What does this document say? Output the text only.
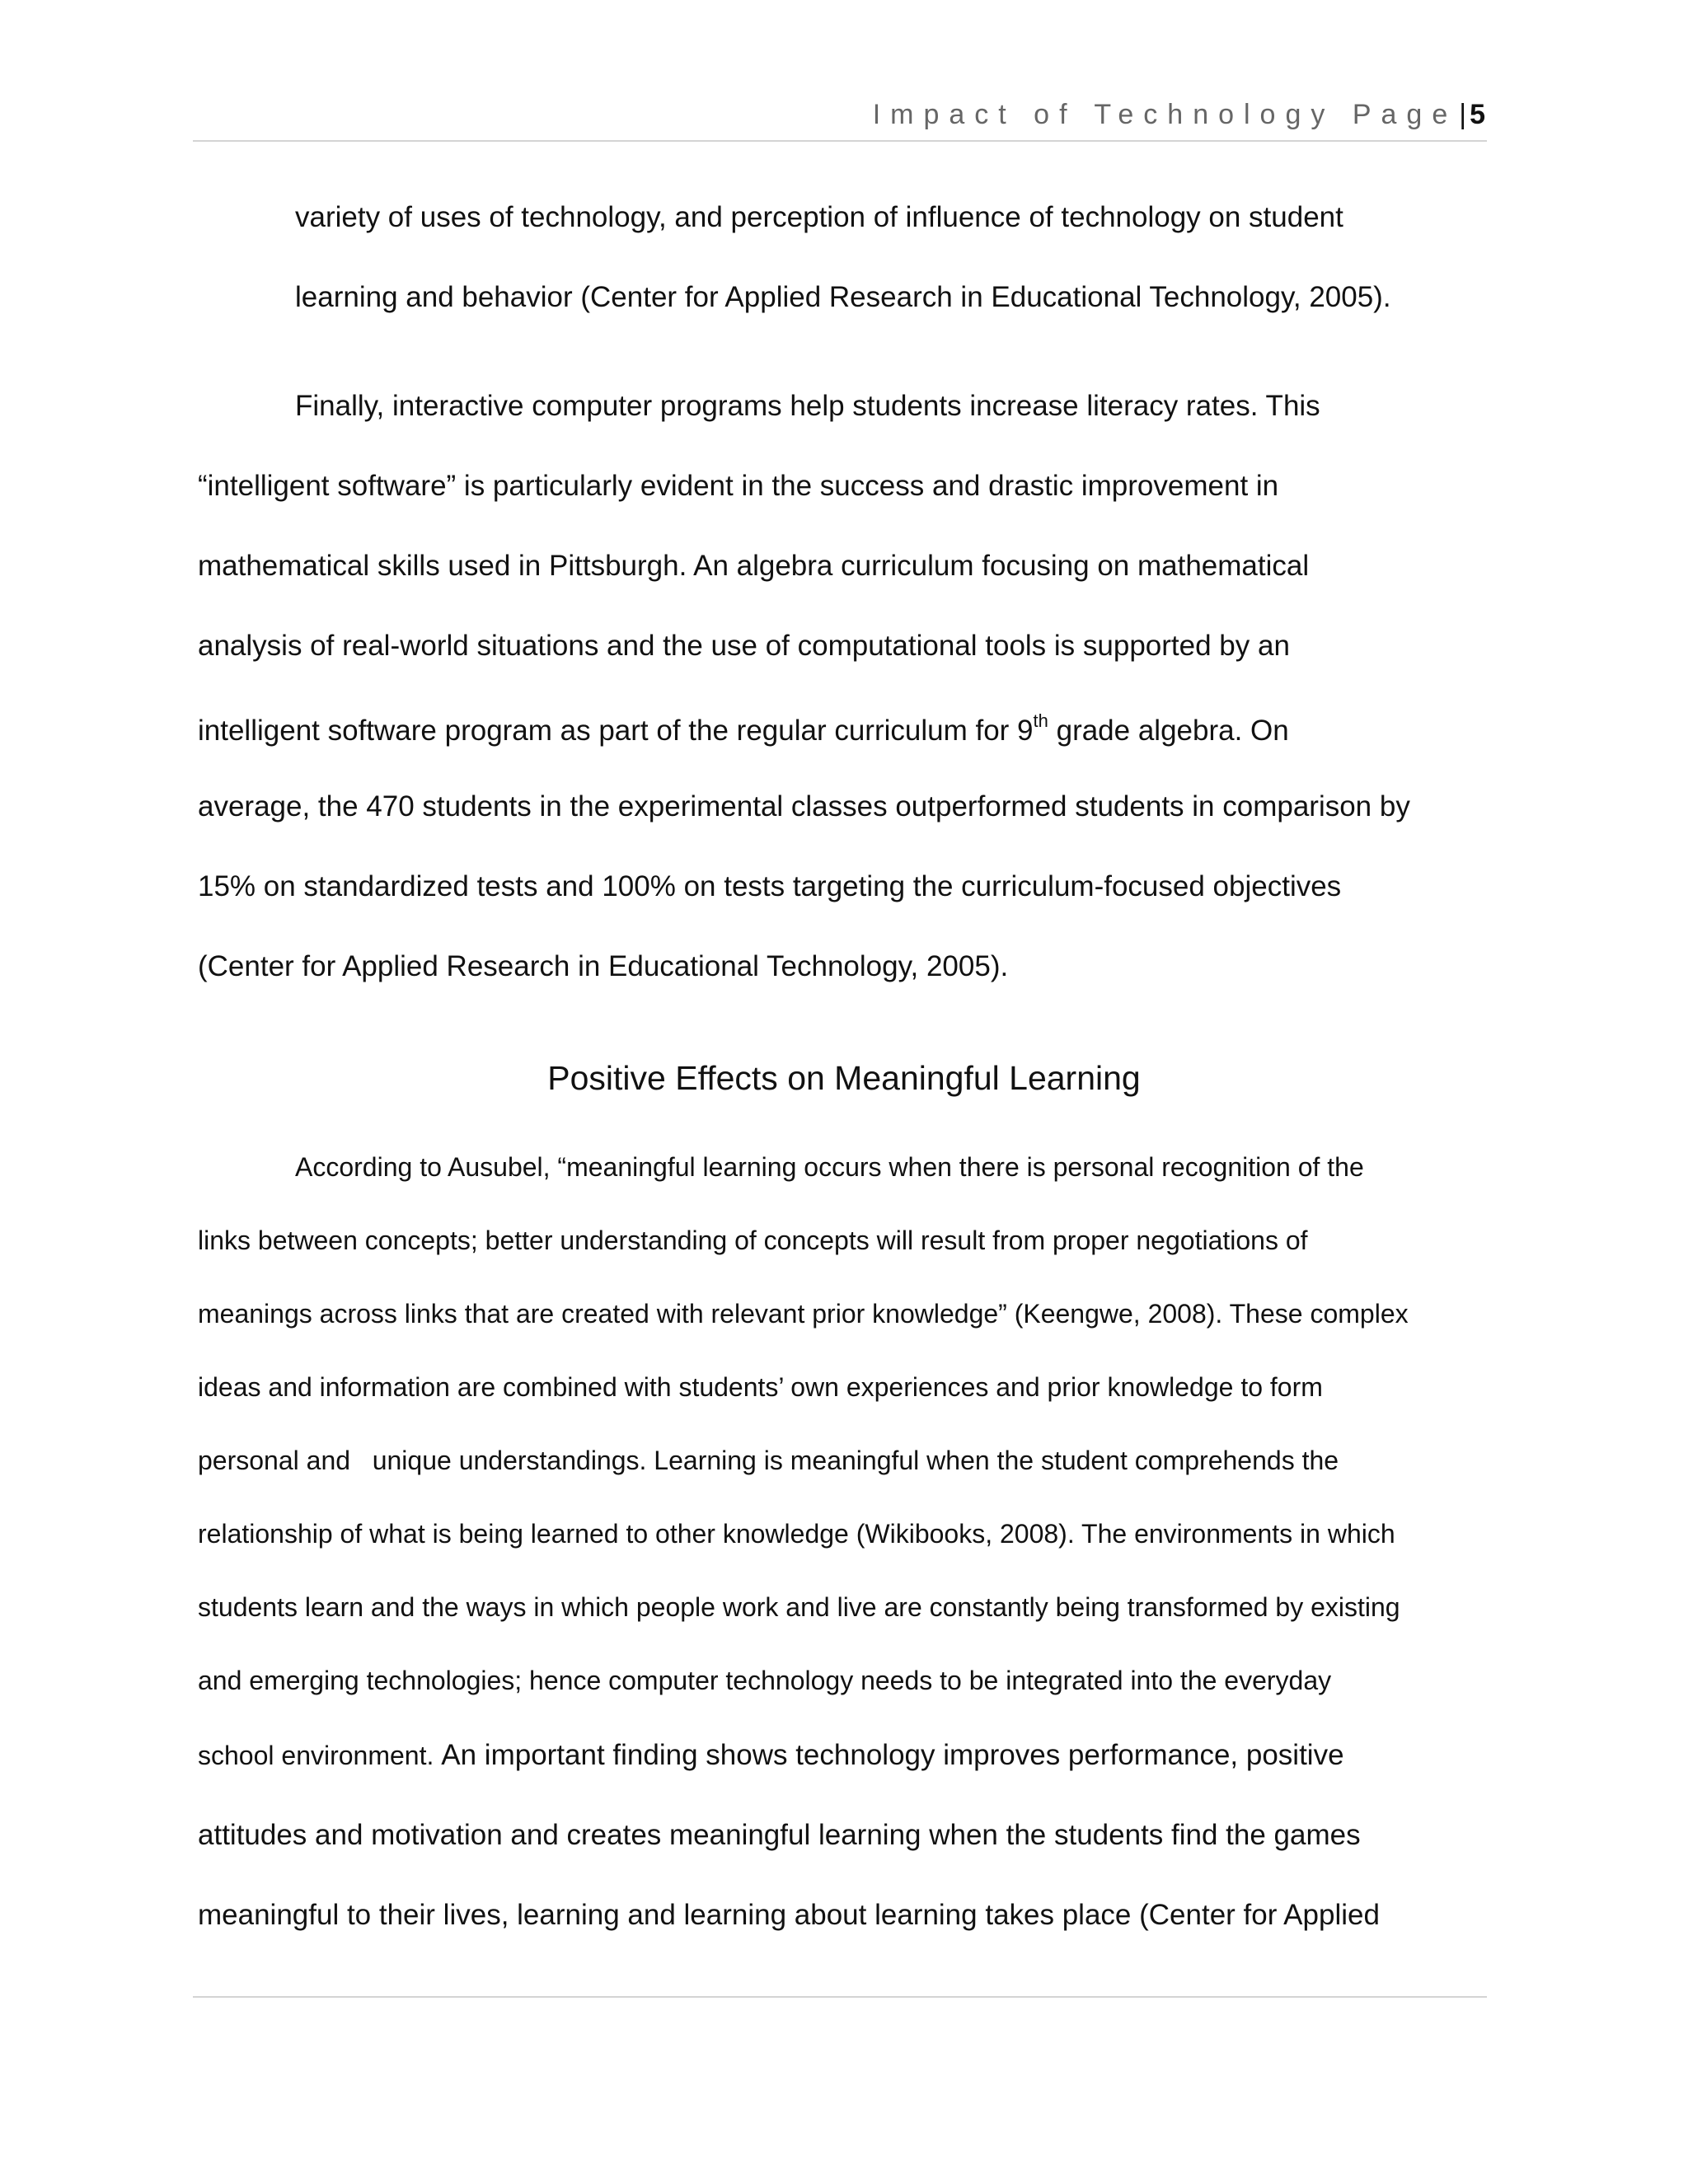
Impact of Technology Page| 5
variety of uses of technology, and perception of influence of technology on student
learning and behavior (Center for Applied Research in Educational Technology, 2005).
Finally, interactive computer programs help students increase literacy rates. This
“intelligent software” is particularly evident in the success and drastic improvement in
mathematical skills used in Pittsburgh. An algebra curriculum focusing on mathematical
analysis of real-world situations and the use of computational tools is supported by an
intelligent software program as part of the regular curriculum for 9th grade algebra. On
average, the 470 students in the experimental classes outperformed students in comparison by
15% on standardized tests and 100% on tests targeting the curriculum-focused objectives
(Center for Applied Research in Educational Technology, 2005).
Positive Effects on Meaningful Learning
According to Ausubel, “meaningful learning occurs when there is personal recognition of the
links between concepts; better understanding of concepts will result from proper negotiations of
meanings across links that are created with relevant prior knowledge” (Keengwe, 2008). These complex
ideas and information are combined with students’ own experiences and prior knowledge to form
personal and   unique understandings. Learning is meaningful when the student comprehends the
relationship of what is being learned to other knowledge (Wikibooks, 2008). The environments in which
students learn and the ways in which people work and live are constantly being transformed by existing
and emerging technologies; hence computer technology needs to be integrated into the everyday
school environment. An important finding shows technology improves performance, positive
attitudes and motivation and creates meaningful learning when the students find the games
meaningful to their lives, learning and learning about learning takes place (Center for Applied
